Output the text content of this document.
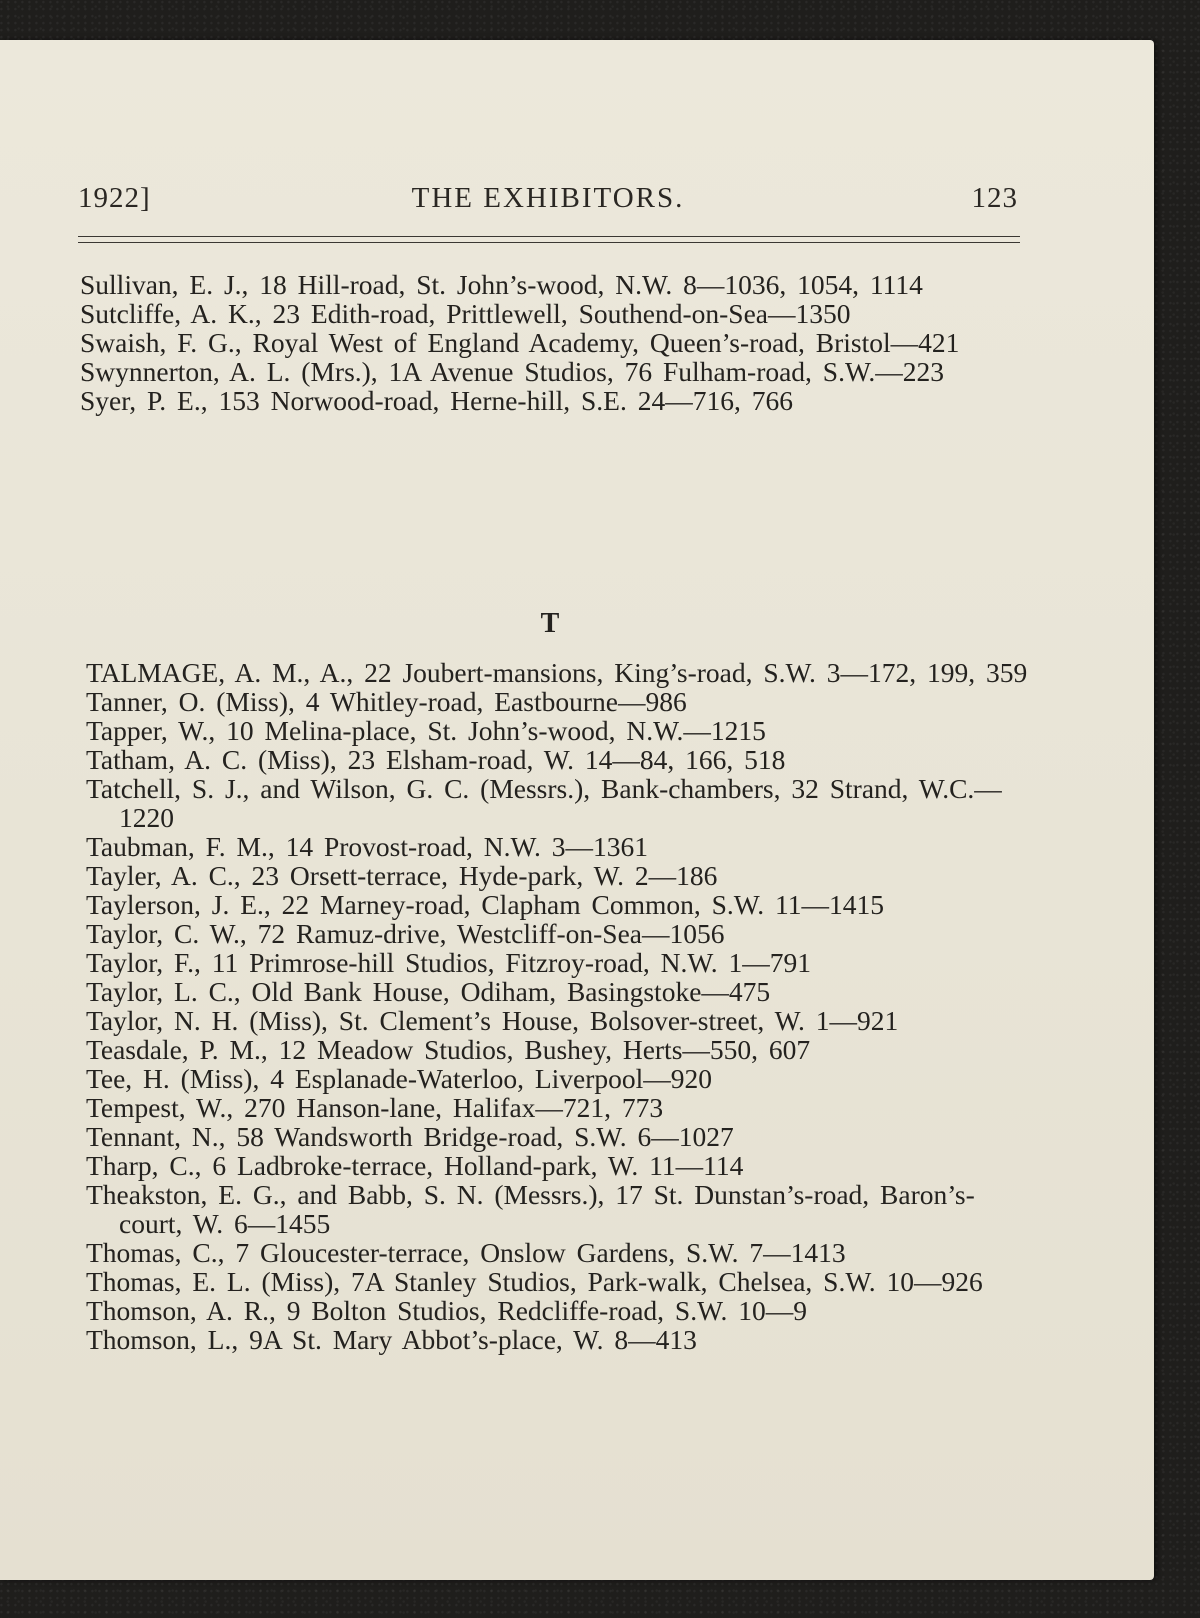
1922]	THE EXHIBITORS.	123

Sullivan, E. J., 18 Hill-road, St. John’s-wood, N.W. 8—1036, 1054, 1114

Sutcliffe, A. K., 23 Edith-road, Prittlewell, Southend-on-Sea—1350

Swaish, F. G., Royal West of England Academy, Queen’s-road, Bristol—421

Swynnerton, A. L. (Mrs.), 1A Avenue Studios, 76 Fulham-road, S.W.—223

Syer, P. E., 153 Norwood-road, Herne-hill, S.E. 24—716, 766

T

TALMAGE, A. M., A., 22 Joubert-mansions, King’s-road, S.W. 3—172, 199, 359

Tanner, O. (Miss), 4 Whitley-road, Eastbourne—986

Tapper, W., 10 Melina-place, St. John’s-wood, N.W.—1215

Tatham, A. C. (Miss), 23 Elsham-road, W. 14—84, 166, 518

Tatchell, S. J., and Wilson, G. C. (Messrs.), Bank-chambers, 32 Strand, W.C.—1220

Taubman, F. M., 14 Provost-road, N.W. 3—1361

Tayler, A. C., 23 Orsett-terrace, Hyde-park, W. 2—186

Taylerson, J. E., 22 Marney-road, Clapham Common, S.W. 11—1415

Taylor, C. W., 72 Ramuz-drive, Westcliff-on-Sea—1056

Taylor, F., 11 Primrose-hill Studios, Fitzroy-road, N.W. 1—791

Taylor, L. C., Old Bank House, Odiham, Basingstoke—475

Taylor, N. H. (Miss), St. Clement’s House, Bolsover-street, W. 1—921

Teasdale, P. M., 12 Meadow Studios, Bushey, Herts—550, 607

Tee, H. (Miss), 4 Esplanade-Waterloo, Liverpool—920

Tempest, W., 270 Hanson-lane, Halifax—721, 773

Tennant, N., 58 Wandsworth Bridge-road, S.W. 6—1027

Tharp, C., 6 Ladbroke-terrace, Holland-park, W. 11—114

Theakston, E. G., and Babb, S. N. (Messrs.), 17 St. Dunstan’s-road, Baron’s-court, W. 6—1455

Thomas, C., 7 Gloucester-terrace, Onslow Gardens, S.W. 7—1413

Thomas, E. L. (Miss), 7A Stanley Studios, Park-walk, Chelsea, S.W. 10—926

Thomson, A. R., 9 Bolton Studios, Redcliffe-road, S.W. 10—9

Thomson, L., 9A St. Mary Abbot’s-place, W. 8—413
